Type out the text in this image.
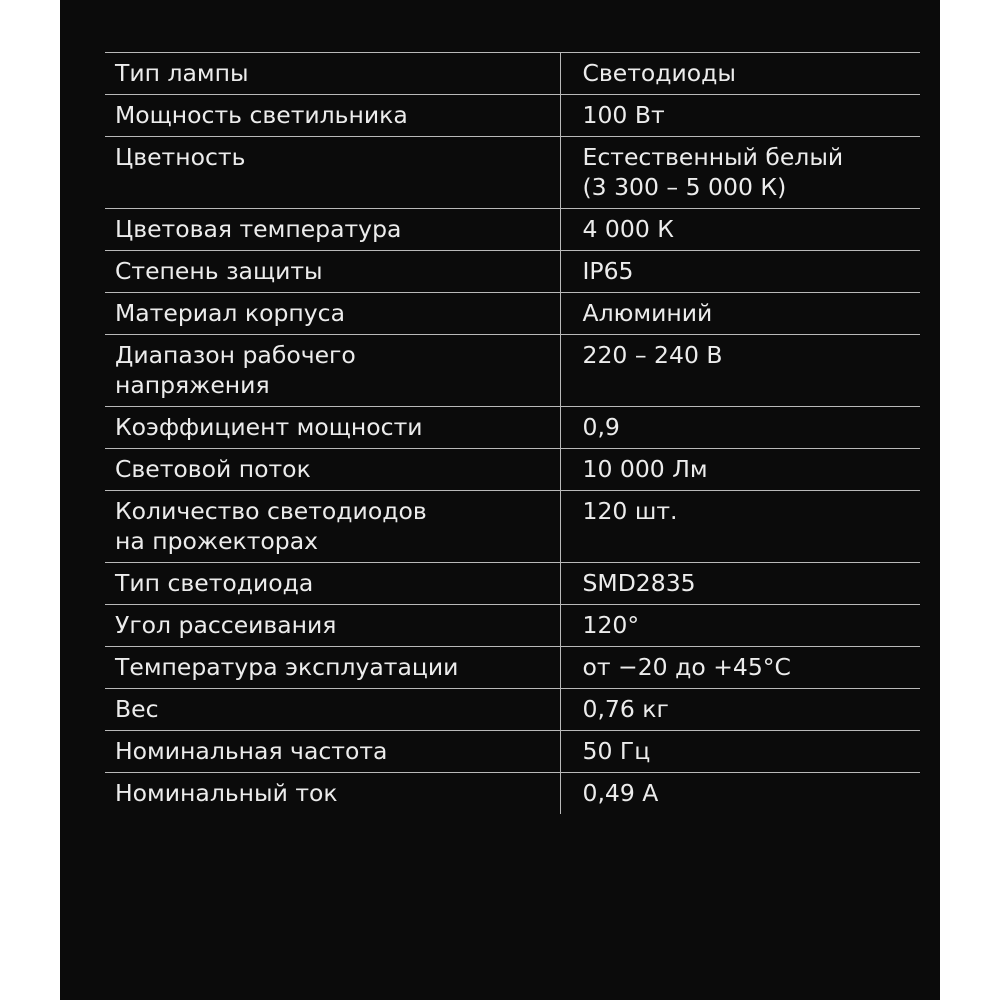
Тип лампы	Светодиоды
Мощность светильника	100 Вт
Цветность	Естественный белый
(3 300 – 5 000 К)
Цветовая температура	4 000 К
Степень защиты	IP65
Материал корпуса	Алюминий
Диапазон рабочего
напряжения	220 – 240 В
Коэффициент мощности	0,9
Световой поток	10 000 Лм
Количество светодиодов
на прожекторах	120 шт.
Тип светодиода	SMD2835
Угол рассеивания	120°
Температура эксплуатации	от −20 до +45°C
Вес	0,76 кг
Номинальная частота	50 Гц
Номинальный ток	0,49 А
